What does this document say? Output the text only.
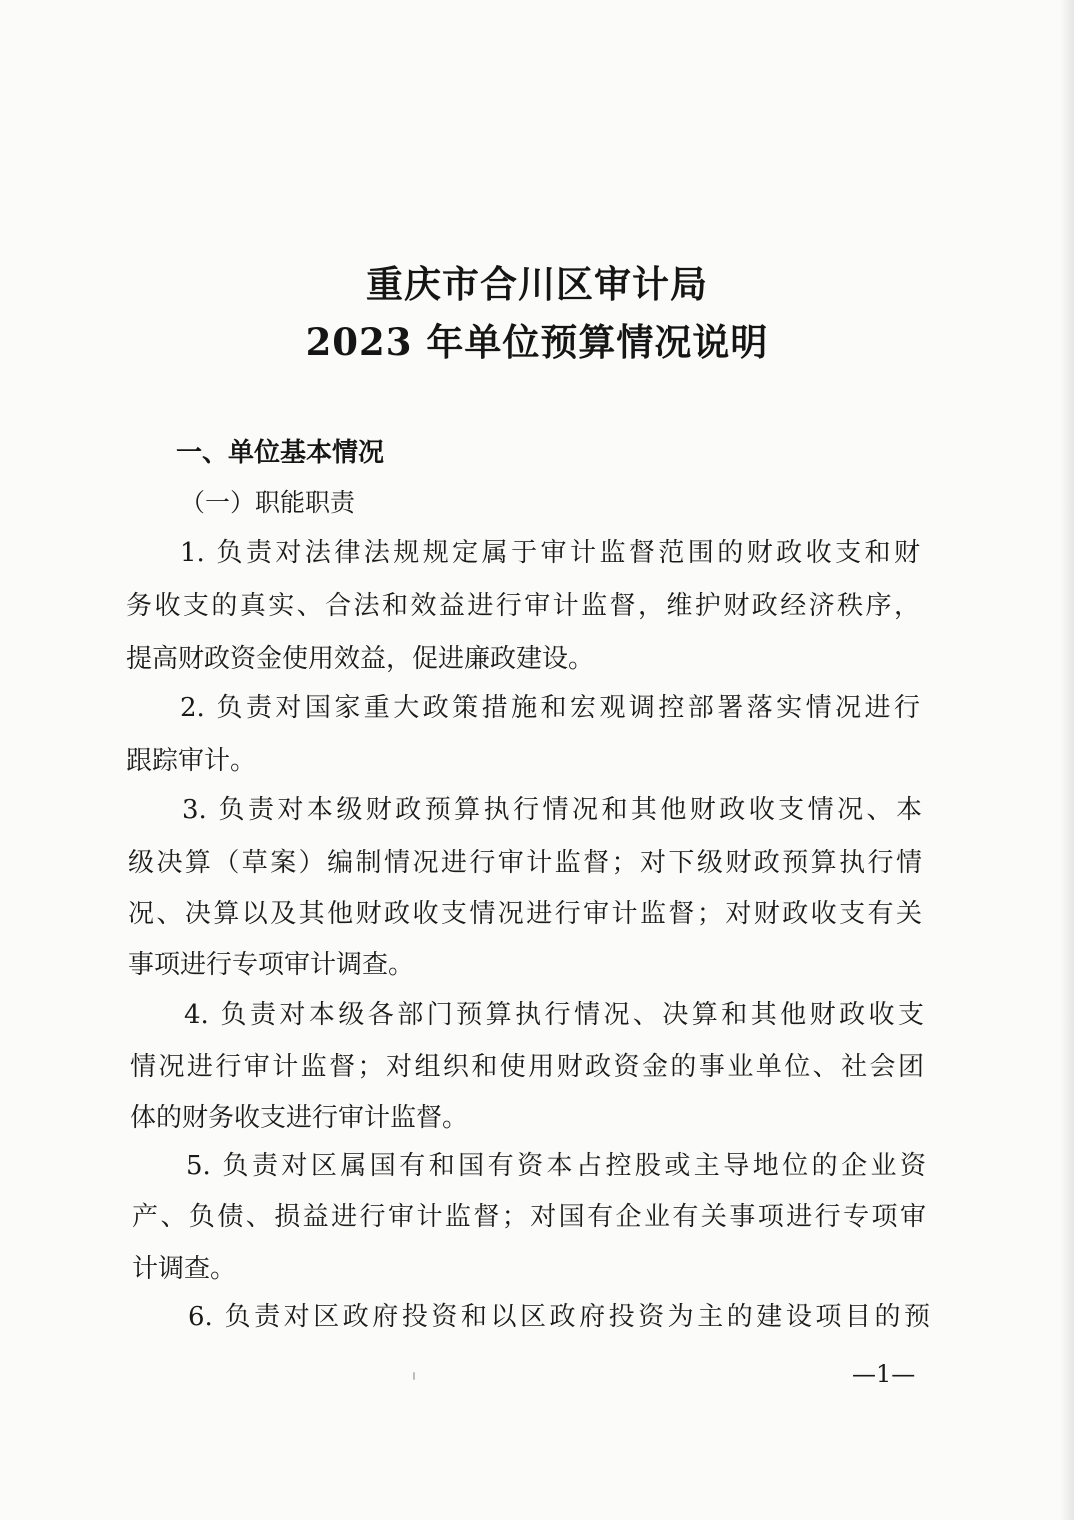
重庆市合川区审计局
2023 年单位预算情况说明
一、单位基本情况
（一）职能职责
1. 负责对法律法规规定属于审计监督范围的财政收支和财
务收支的真实、合法和效益进行审计监督，维护财政经济秩序，
提高财政资金使用效益，促进廉政建设。
2. 负责对国家重大政策措施和宏观调控部署落实情况进行
跟踪审计。
3. 负责对本级财政预算执行情况和其他财政收支情况、本
级决算（草案）编制情况进行审计监督；对下级财政预算执行情
况、决算以及其他财政收支情况进行审计监督；对财政收支有关
事项进行专项审计调查。
4. 负责对本级各部门预算执行情况、决算和其他财政收支
情况进行审计监督；对组织和使用财政资金的事业单位、社会团
体的财务收支进行审计监督。
5. 负责对区属国有和国有资本占控股或主导地位的企业资
产、负债、损益进行审计监督；对国有企业有关事项进行专项审
计调查。
6. 负责对区政府投资和以区政府投资为主的建设项目的预
—1—
